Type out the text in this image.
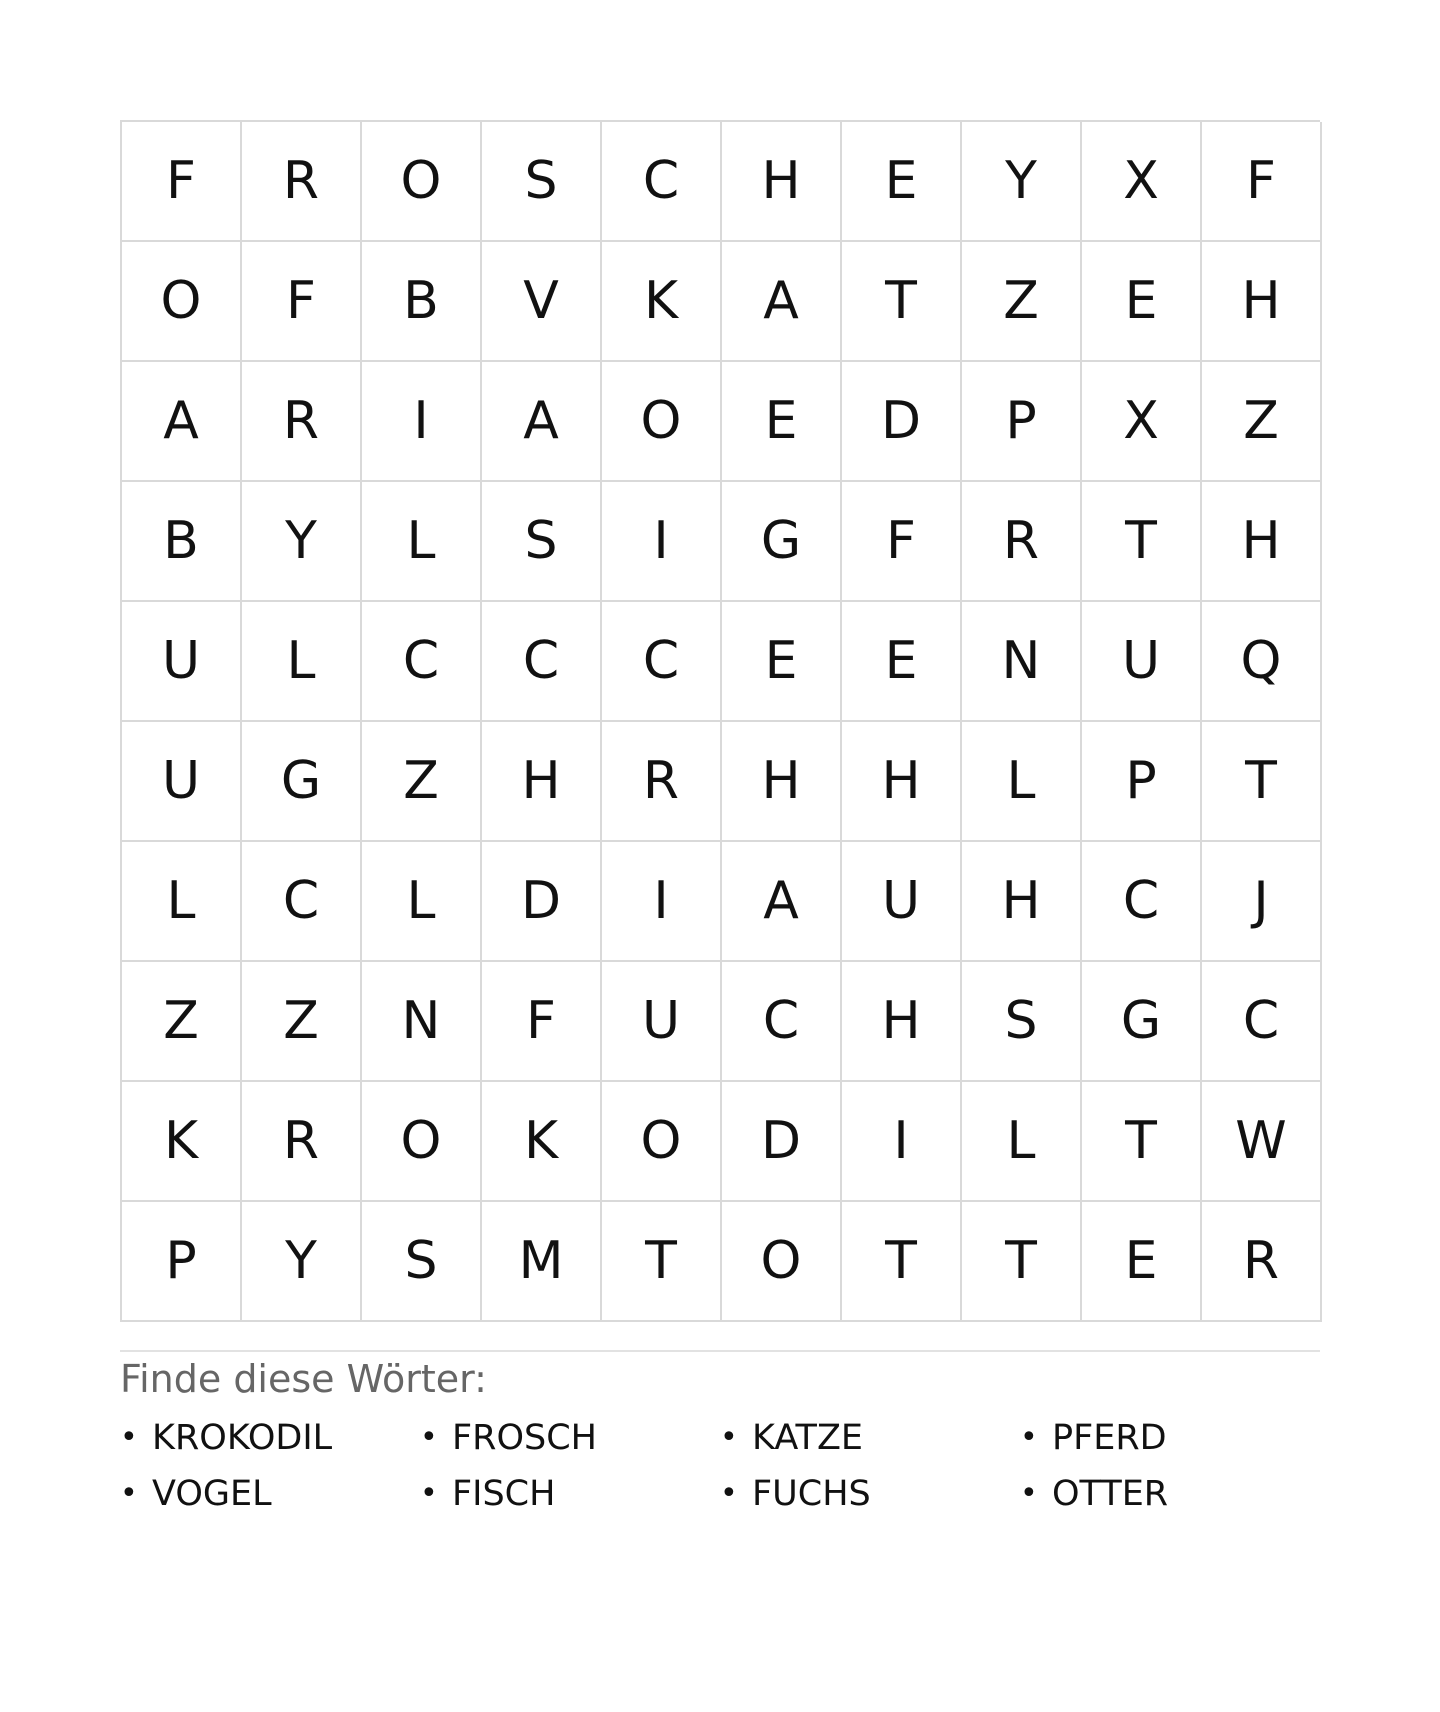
F	R	O	S	C	H	E	Y	X	F
O	F	B	V	K	A	T	Z	E	H
A	R	I	A	O	E	D	P	X	Z
B	Y	L	S	I	G	F	R	T	H
U	L	C	C	C	E	E	N	U	Q
U	G	Z	H	R	H	H	L	P	T
L	C	L	D	I	A	U	H	C	J
Z	Z	N	F	U	C	H	S	G	C
K	R	O	K	O	D	I	L	T	W
P	Y	S	M	T	O	T	T	E	R
Finde diese Wörter:
• KROKODIL	• FROSCH	• KATZE	• PFERD
• VOGEL	• FISCH	• FUCHS	• OTTER
